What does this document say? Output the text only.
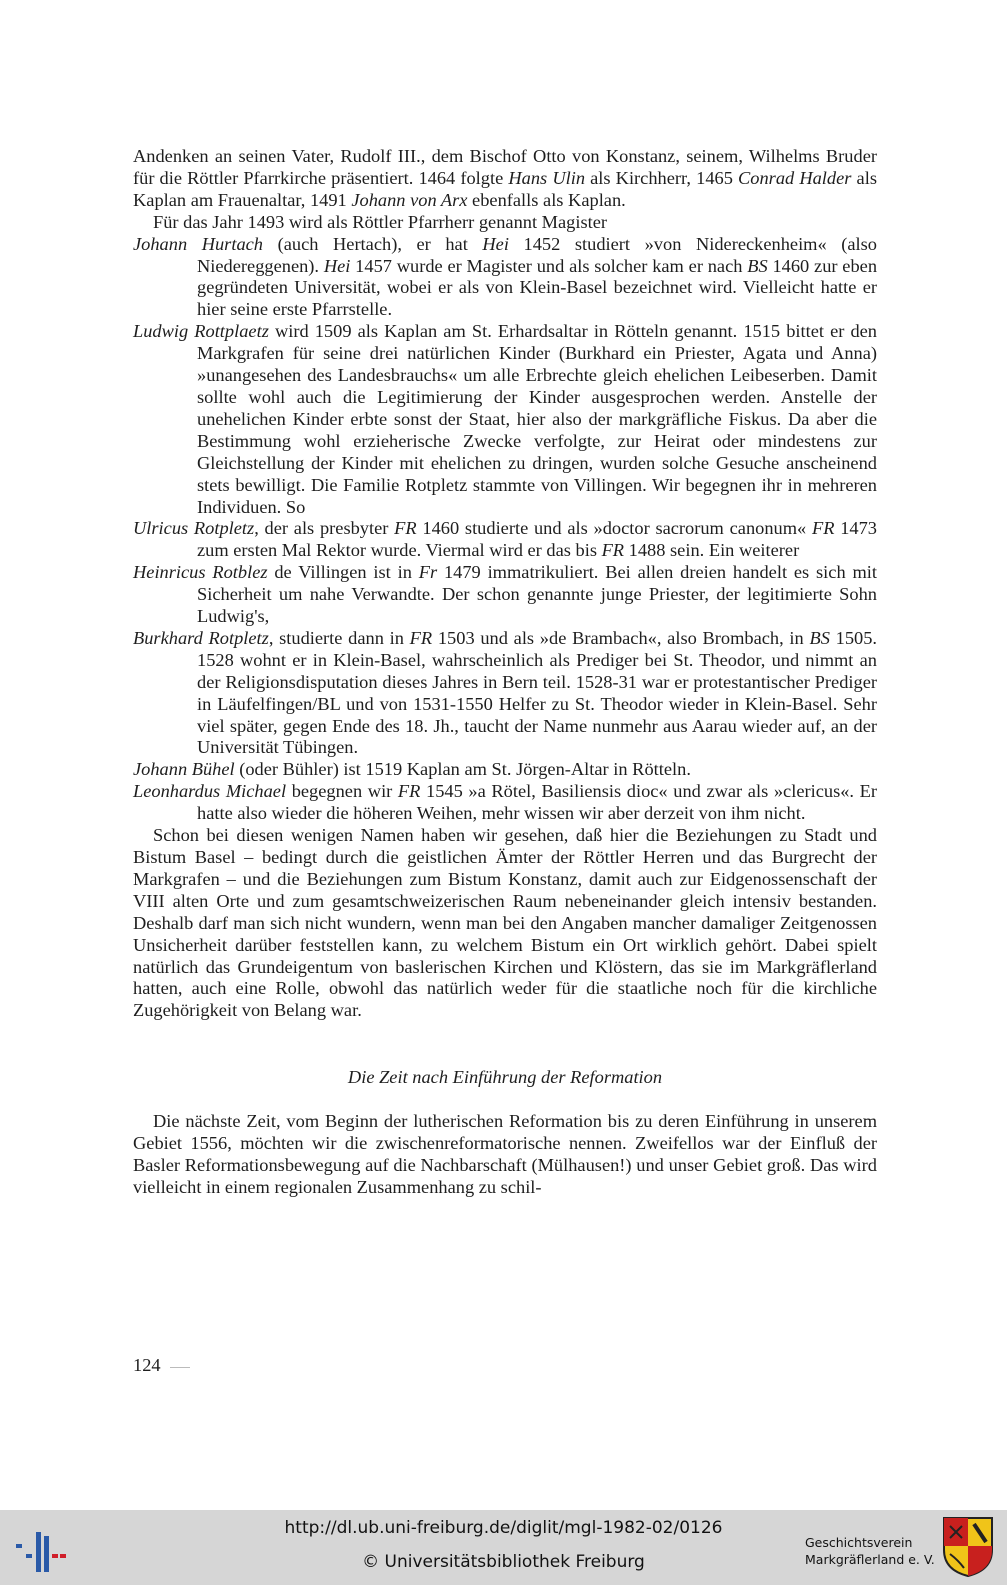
Andenken an seinen Vater, Rudolf III., dem Bischof Otto von Konstanz, seinem, Wilhelms Bruder für die Röttler Pfarrkirche präsentiert. 1464 folgte Hans Ulin als Kirchherr, 1465 Conrad Halder als Kaplan am Frauenaltar, 1491 Johann von Arx ebenfalls als Kaplan.

Für das Jahr 1493 wird als Röttler Pfarrherr genannt Magister

Johann Hurtach (auch Hertach), er hat Hei 1452 studiert »von Nidereckenheim« (also Niedereggenen). Hei 1457 wurde er Magister und als solcher kam er nach BS 1460 zur eben gegründeten Universität, wobei er als von Klein-Basel bezeichnet wird. Vielleicht hatte er hier seine erste Pfarrstelle.

Ludwig Rottplaetz wird 1509 als Kaplan am St. Erhardsaltar in Rötteln genannt. 1515 bittet er den Markgrafen für seine drei natürlichen Kinder (Burkhard ein Priester, Agata und Anna) »unangesehen des Landesbrauchs« um alle Erbrechte gleich ehelichen Leibeserben. Damit sollte wohl auch die Legitimierung der Kinder ausgesprochen werden. Anstelle der unehelichen Kinder erbte sonst der Staat, hier also der markgräfliche Fiskus. Da aber die Bestimmung wohl erzieherische Zwecke verfolgte, zur Heirat oder mindestens zur Gleichstellung der Kinder mit ehelichen zu dringen, wurden solche Gesuche anscheinend stets bewilligt. Die Familie Rotpletz stammte von Villingen. Wir begegnen ihr in mehreren Individuen. So

Ulricus Rotpletz, der als presbyter FR 1460 studierte und als »doctor sacrorum canonum« FR 1473 zum ersten Mal Rektor wurde. Viermal wird er das bis FR 1488 sein. Ein weiterer

Heinricus Rotblez de Villingen ist in Fr 1479 immatrikuliert. Bei allen dreien handelt es sich mit Sicherheit um nahe Verwandte. Der schon genannte junge Priester, der legitimierte Sohn Ludwig's,

Burkhard Rotpletz, studierte dann in FR 1503 und als »de Brambach«, also Brombach, in BS 1505. 1528 wohnt er in Klein-Basel, wahrscheinlich als Prediger bei St. Theodor, und nimmt an der Religionsdisputation dieses Jahres in Bern teil. 1528-31 war er protestantischer Prediger in Läufelfingen/BL und von 1531-1550 Helfer zu St. Theodor wieder in Klein-Basel. Sehr viel später, gegen Ende des 18. Jh., taucht der Name nunmehr aus Aarau wieder auf, an der Universität Tübingen.

Johann Bühel (oder Bühler) ist 1519 Kaplan am St. Jörgen-Altar in Rötteln.

Leonhardus Michael begegnen wir FR 1545 »a Rötel, Basiliensis dioc« und zwar als »clericus«. Er hatte also wieder die höheren Weihen, mehr wissen wir aber derzeit von ihm nicht.

Schon bei diesen wenigen Namen haben wir gesehen, daß hier die Beziehungen zu Stadt und Bistum Basel – bedingt durch die geistlichen Ämter der Röttler Herren und das Burgrecht der Markgrafen – und die Beziehungen zum Bistum Konstanz, damit auch zur Eidgenossenschaft der VIII alten Orte und zum gesamtschweizerischen Raum nebeneinander gleich intensiv bestanden. Deshalb darf man sich nicht wundern, wenn man bei den Angaben mancher damaliger Zeitgenossen Unsicherheit darüber feststellen kann, zu welchem Bistum ein Ort wirklich gehört. Dabei spielt natürlich das Grundeigentum von baslerischen Kirchen und Klöstern, das sie im Markgräflerland hatten, auch eine Rolle, obwohl das natürlich weder für die staatliche noch für die kirchliche Zugehörigkeit von Belang war.

Die Zeit nach Einführung der Reformation

Die nächste Zeit, vom Beginn der lutherischen Reformation bis zu deren Einführung in unserem Gebiet 1556, möchten wir die zwischenreformatorische nennen. Zweifellos war der Einfluß der Basler Reformationsbewegung auf die Nachbarschaft (Mülhausen!) und unser Gebiet groß. Das wird vielleicht in einem regionalen Zusammenhang zu schil-

124
http://dl.ub.uni-freiburg.de/diglit/mgl-1982-02/0126
© Universitätsbibliothek Freiburg
Geschichtsverein
Markgräflerland e. V.
